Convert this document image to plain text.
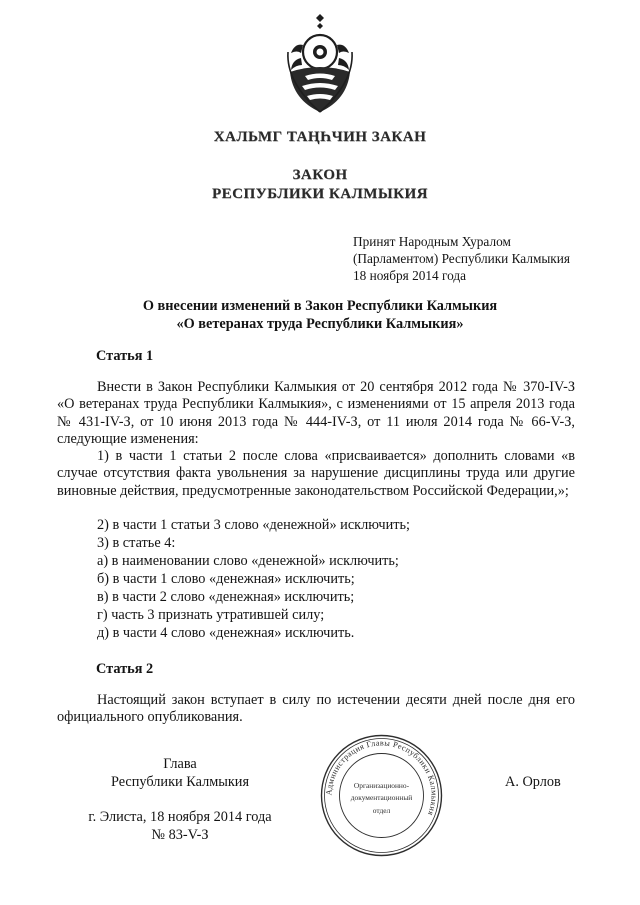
ХАЛЬМГ ТАҢҺЧИН ЗАКАН
ЗАКОН
РЕСПУБЛИКИ КАЛМЫКИЯ
Принят Народным Хуралом
(Парламентом) Республики Калмыкия
18 ноября 2014 года
О внесении изменений в Закон Республики Калмыкия
«О ветеранах труда Республики Калмыкия»
Статья 1
Внести в Закон Республики Калмыкия от 20 сентября 2012 года № 370-IV-З «О ветеранах труда Республики Калмыкия», с изменениями от 15 апреля 2013 года № 431-IV-З, от 10 июня 2013 года № 444-IV-З, от 11 июля 2014 года № 66-V-З, следующие изменения:
1) в части 1 статьи 2 после слова «присваивается» дополнить словами «в случае отсутствия факта увольнения за нарушение дисциплины труда или другие виновные действия, предусмотренные законодательством Российской Федерации,»;
2) в части 1 статьи 3 слово «денежной» исключить;
3) в статье 4:
а) в наименовании слово «денежной» исключить;
б) в части 1 слово «денежная» исключить;
в) в части 2 слово «денежная» исключить;
г) часть 3 признать утратившей силу;
д) в части 4 слово «денежная» исключить.
Статья 2
Настоящий закон вступает в силу по истечении десяти дней после дня его официального опубликования.
Глава
Республики Калмыкия	А. Орлов
г. Элиста, 18 ноября 2014 года
№ 83-V-З
Администрация Главы Республики Калмыкия
Организационно-
документационный
отдел
